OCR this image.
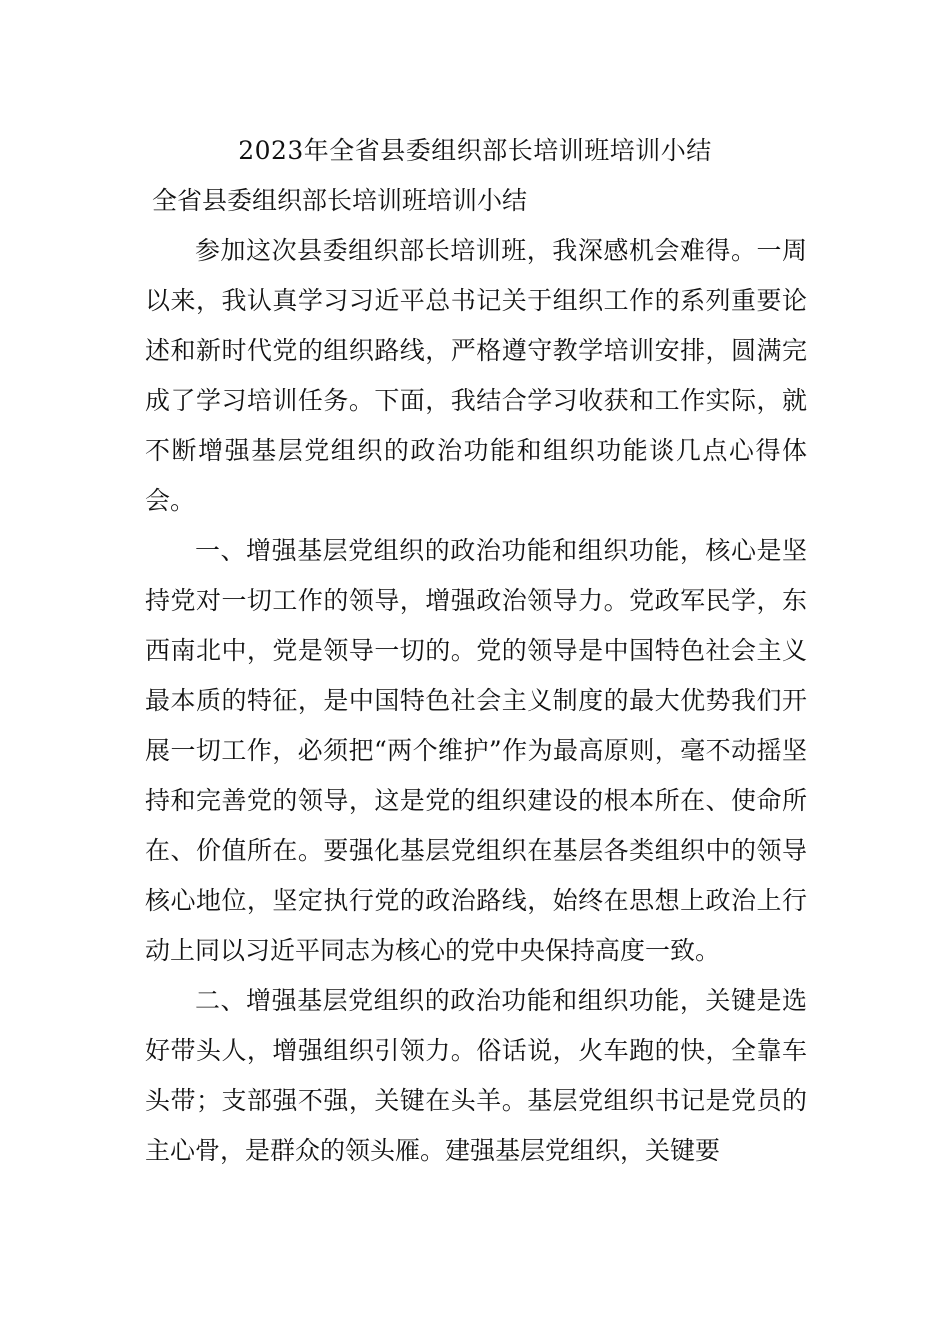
2023年全省县委组织部长培训班培训小结
全省县委组织部长培训班培训小结

参加这次县委组织部长培训班，我深感机会难得。一周以来，我认真学习习近平总书记关于组织工作的系列重要论述和新时代党的组织路线，严格遵守教学培训安排，圆满完成了学习培训任务。下面，我结合学习收获和工作实际，就不断增强基层党组织的政治功能和组织功能谈几点心得体会。

一、增强基层党组织的政治功能和组织功能，核心是坚持党对一切工作的领导，增强政治领导力。党政军民学，东西南北中，党是领导一切的。党的领导是中国特色社会主义最本质的特征，是中国特色社会主义制度的最大优势我们开展一切工作，必须把“两个维护”作为最高原则，毫不动摇坚持和完善党的领导，这是党的组织建设的根本所在、使命所在、价值所在。要强化基层党组织在基层各类组织中的领导核心地位，坚定执行党的政治路线，始终在思想上政治上行动上同以习近平同志为核心的党中央保持高度一致。

二、增强基层党组织的政治功能和组织功能，关键是选好带头人，增强组织引领力。俗话说，火车跑的快，全靠车头带；支部强不强，关键在头羊。基层党组织书记是党员的主心骨，是群众的领头雁。建强基层党组织，关键要
